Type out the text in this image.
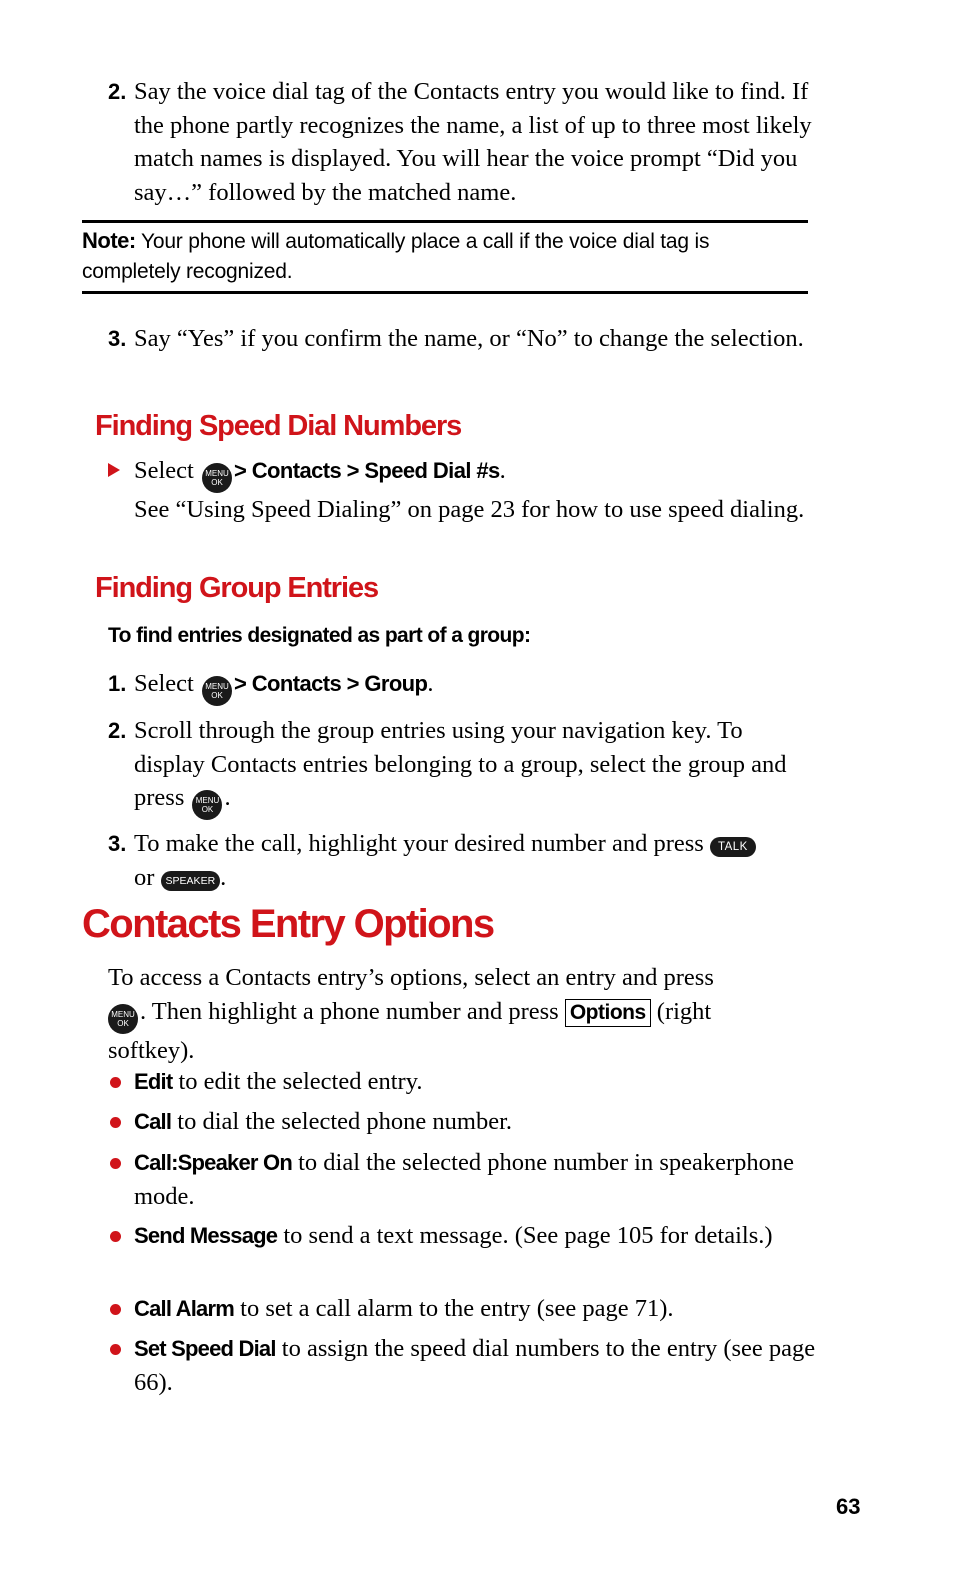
2. Say the voice dial tag of the Contacts entry you would like to find. If the phone partly recognizes the name, a list of up to three most likely match names is displayed. You will hear the voice prompt “Did you say…” followed by the matched name.
Note: Your phone will automatically place a call if the voice dial tag is completely recognized.
3. Say “Yes” if you confirm the name, or “No” to change the selection.
Finding Speed Dial Numbers
Select MENU
OK > Contacts > Speed Dial #s.
See “Using Speed Dialing” on page 23 for how to use speed dialing.
Finding Group Entries
To find entries designated as part of a group:
1. Select MENU
OK > Contacts > Group.
2. Scroll through the group entries using your navigation key. To display Contacts entries belonging to a group, select the group and press MENU
OK .
3. To make the call, highlight your desired number and press TALK
or SPEAKER .
Contacts Entry Options
To access a Contacts entry’s options, select an entry and press
MENU
OK . Then highlight a phone number and press Options (right softkey).
Edit to edit the selected entry.
Call to dial the selected phone number.
Call:Speaker On to dial the selected phone number in speakerphone mode.
Send Message to send a text message. (See page 105 for details.)
Call Alarm to set a call alarm to the entry (see page 71).
Set Speed Dial to assign the speed dial numbers to the entry (see page 66).
63
